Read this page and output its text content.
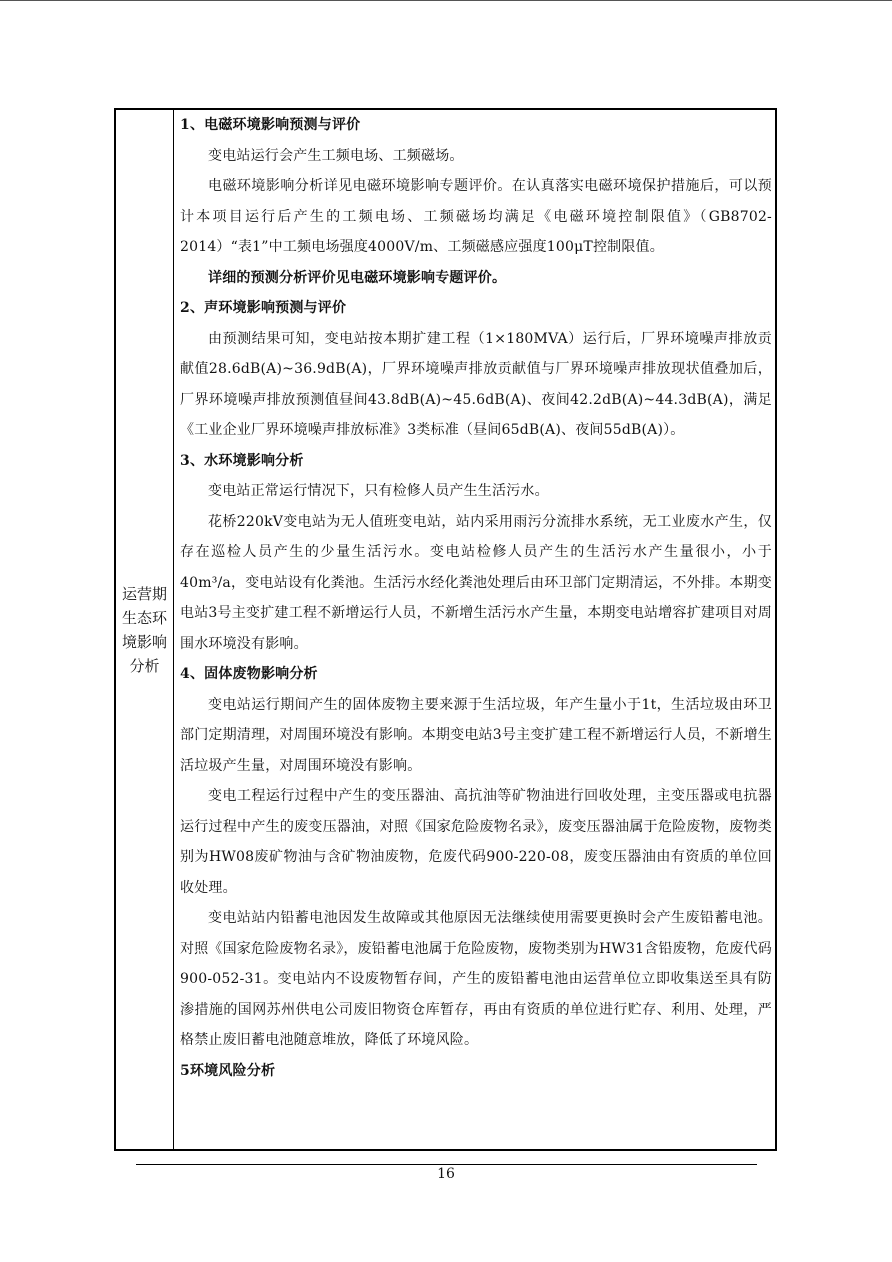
运营期生态环境影响分析

1、电磁环境影响预测与评价

变电站运行会产生工频电场、工频磁场。

电磁环境影响分析详见电磁环境影响专题评价。在认真落实电磁环境保护措施后，可以预计本项目运行后产生的工频电场、工频磁场均满足《电磁环境控制限值》（GB8702-2014）“表1”中工频电场强度4000V/m、工频磁感应强度100μT控制限值。

详细的预测分析评价见电磁环境影响专题评价。

2、声环境影响预测与评价

由预测结果可知，变电站按本期扩建工程（1×180MVA）运行后，厂界环境噪声排放贡献值28.6dB(A)~36.9dB(A)，厂界环境噪声排放贡献值与厂界环境噪声排放现状值叠加后，厂界环境噪声排放预测值昼间43.8dB(A)~45.6dB(A)、夜间42.2dB(A)~44.3dB(A)，满足《工业企业厂界环境噪声排放标准》3类标准（昼间65dB(A)、夜间55dB(A)）。

3、水环境影响分析

变电站正常运行情况下，只有检修人员产生生活污水。

花桥220kV变电站为无人值班变电站，站内采用雨污分流排水系统，无工业废水产生，仅存在巡检人员产生的少量生活污水。变电站检修人员产生的生活污水产生量很小，小于40m³/a，变电站设有化粪池。生活污水经化粪池处理后由环卫部门定期清运，不外排。本期变电站3号主变扩建工程不新增运行人员，不新增生活污水产生量，本期变电站增容扩建项目对周围水环境没有影响。

4、固体废物影响分析

变电站运行期间产生的固体废物主要来源于生活垃圾，年产生量小于1t，生活垃圾由环卫部门定期清理，对周围环境没有影响。本期变电站3号主变扩建工程不新增运行人员，不新增生活垃圾产生量，对周围环境没有影响。

变电工程运行过程中产生的变压器油、高抗油等矿物油进行回收处理，主变压器或电抗器运行过程中产生的废变压器油，对照《国家危险废物名录》，废变压器油属于危险废物，废物类别为HW08废矿物油与含矿物油废物，危废代码900-220-08，废变压器油由有资质的单位回收处理。

变电站站内铅蓄电池因发生故障或其他原因无法继续使用需要更换时会产生废铅蓄电池。对照《国家危险废物名录》，废铅蓄电池属于危险废物，废物类别为HW31含铅废物，危废代码900-052-31。变电站内不设废物暂存间，产生的废铅蓄电池由运营单位立即收集送至具有防渗措施的国网苏州供电公司废旧物资仓库暂存，再由有资质的单位进行贮存、利用、处理，严格禁止废旧蓄电池随意堆放，降低了环境风险。

5环境风险分析

16
